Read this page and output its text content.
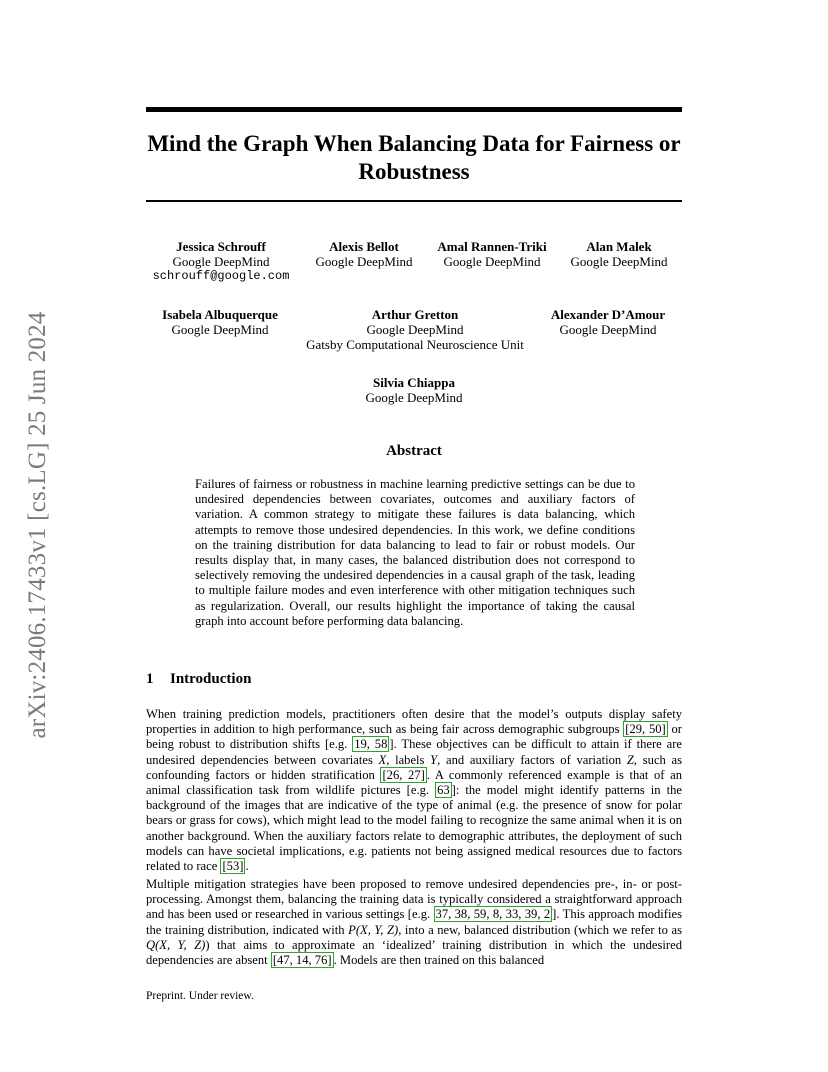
arXiv:2406.17433v1 [cs.LG] 25 Jun 2024
Mind the Graph When Balancing Data for Fairness or Robustness
Jessica Schrouff
Google DeepMind
schrouff@google.com
Alexis Bellot
Google DeepMind
Amal Rannen-Triki
Google DeepMind
Alan Malek
Google DeepMind
Isabela Albuquerque
Google DeepMind
Arthur Gretton
Google DeepMind
Gatsby Computational Neuroscience Unit
Alexander D’Amour
Google DeepMind
Silvia Chiappa
Google DeepMind
Abstract
Failures of fairness or robustness in machine learning predictive settings can be due to undesired dependencies between covariates, outcomes and auxiliary factors of variation. A common strategy to mitigate these failures is data balancing, which attempts to remove those undesired dependencies. In this work, we define conditions on the training distribution for data balancing to lead to fair or robust models. Our results display that, in many cases, the balanced distribution does not correspond to selectively removing the undesired dependencies in a causal graph of the task, leading to multiple failure modes and even interference with other mitigation techniques such as regularization. Overall, our results highlight the importance of taking the causal graph into account before performing data balancing.
1 Introduction

When training prediction models, practitioners often desire that the model’s outputs display safety properties in addition to high performance, such as being fair across demographic subgroups [29, 50] or being robust to distribution shifts [e.g. 19, 58 ]. These objectives can be difficult to attain if there are undesired dependencies between covariates X, labels Y, and auxiliary factors of variation Z, such as confounding factors or hidden stratification [26, 27] . A commonly referenced example is that of an animal classification task from wildlife pictures [e.g. 63 ]: the model might identify patterns in the background of the images that are indicative of the type of animal (e.g. the presence of snow for polar bears or grass for cows), which might lead to the model failing to recognize the same animal when it is on another background. When the auxiliary factors relate to demographic attributes, the deployment of such models can have societal implications, e.g. patients not being assigned medical resources due to factors related to race [53] .

Multiple mitigation strategies have been proposed to remove undesired dependencies pre-, in- or post-processing. Amongst them, balancing the training data is typically considered a straightforward approach and has been used or researched in various settings [e.g. 37, 38, 59, 8, 33, 39, 2 ]. This approach modifies the training distribution, indicated with P(X, Y, Z), into a new, balanced distribution (which we refer to as Q(X, Y, Z)) that aims to approximate an ‘idealized’ training distribution in which the undesired dependencies are absent [47, 14, 76] . Models are then trained on this balanced

Preprint. Under review.
